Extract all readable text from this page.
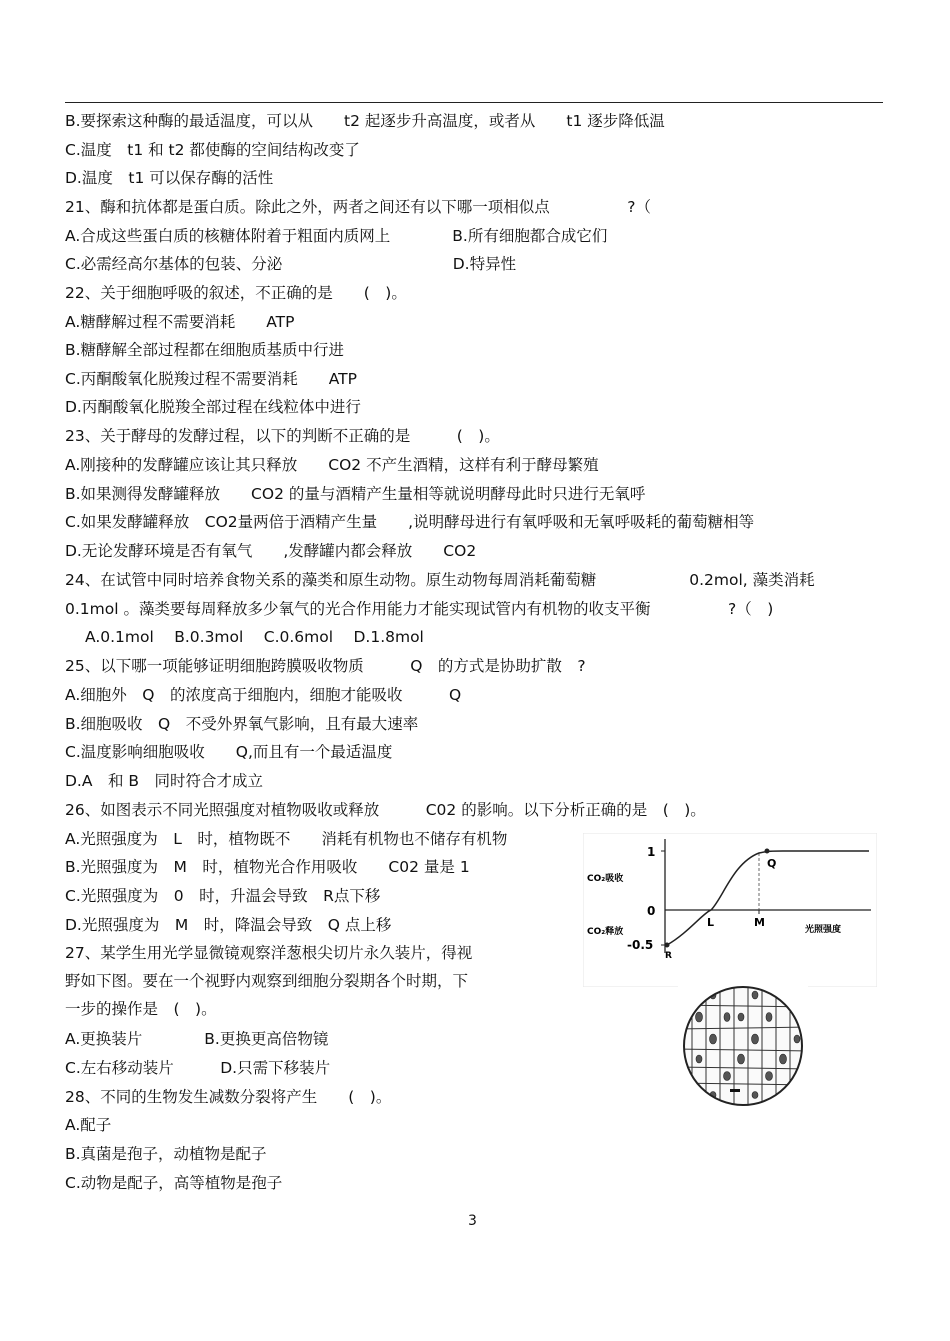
B.要探索这种酶的最适温度，可以从　　t2 起逐步升高温度，或者从　　t1 逐步降低温
C.温度　t1 和 t2 都使酶的空间结构改变了
D.温度　t1 可以保存酶的活性
21、酶和抗体都是蛋白质。除此之外，两者之间还有以下哪一项相似点　　　　　?（
A.合成这些蛋白质的核糖体附着于粗面内质网上　　　　B.所有细胞都合成它们
C.必需经高尔基体的包装、分泌　　　　　　　　　　　D.特异性
22、关于细胞呼吸的叙述，不正确的是　　(　)。
A.糖酵解过程不需要消耗　　ATP
B.糖酵解全部过程都在细胞质基质中行进
C.丙酮酸氧化脱羧过程不需要消耗　　ATP
D.丙酮酸氧化脱羧全部过程在线粒体中进行
23、关于酵母的发酵过程，以下的判断不正确的是　　　(　)。
A.刚接种的发酵罐应该让其只释放　　CO2 不产生酒精，这样有利于酵母繁殖
B.如果测得发酵罐释放　　CO2 的量与酒精产生量相等就说明酵母此时只进行无氧呼
C.如果发酵罐释放　CO2量两倍于酒精产生量　　,说明酵母进行有氧呼吸和无氧呼吸耗的葡萄糖相等
D.无论发酵环境是否有氧气　　,发酵罐内都会释放　　CO2
24、在试管中同时培养食物关系的藻类和原生动物。原生动物每周消耗葡萄糖　　　　　　0.2mol, 藻类消耗
0.1mol 。藻类要每周释放多少氧气的光合作用能力才能实现试管内有机物的收支平衡　　　　　?（　)
A.0.1mol　 B.0.3mol　 C.0.6mol　 D.1.8mol
25、以下哪一项能够证明细胞跨膜吸收物质　　　Q　的方式是协助扩散　?
A.细胞外　Q　的浓度高于细胞内，细胞才能吸收　　　Q
B.细胞吸收　Q　不受外界氧气影响，且有最大速率
C.温度影响细胞吸收　　Q,而且有一个最适温度
D.A　和 B　同时符合才成立
26、如图表示不同光照强度对植物吸收或释放　　　C02 的影响。以下分析正确的是　(　)。
A.光照强度为　L　时，植物既不　　消耗有机物也不储存有机物
B.光照强度为　M　时，植物光合作用吸收　　C02 量是 1
C.光照强度为　0　时，升温会导致　R点下移
D.光照强度为　M　时，降温会导致　Q 点上移
27、某学生用光学显微镜观察洋葱根尖切片永久装片，得视
野如下图。要在一个视野内观察到细胞分裂期各个时期，下
一步的操作是　(　)。
A.更换装片　　　　B.更换更高倍物镜
C.左右移动装片　　　D.只需下移装片
28、不同的生物发生减数分裂将产生　　(　)。
A.配子
B.真菌是孢子，动植物是配子
C.动物是配子，高等植物是孢子
1
0
-0.5
CO₂吸收
CO₂释放	光照强度
Q
L	M
R
3
